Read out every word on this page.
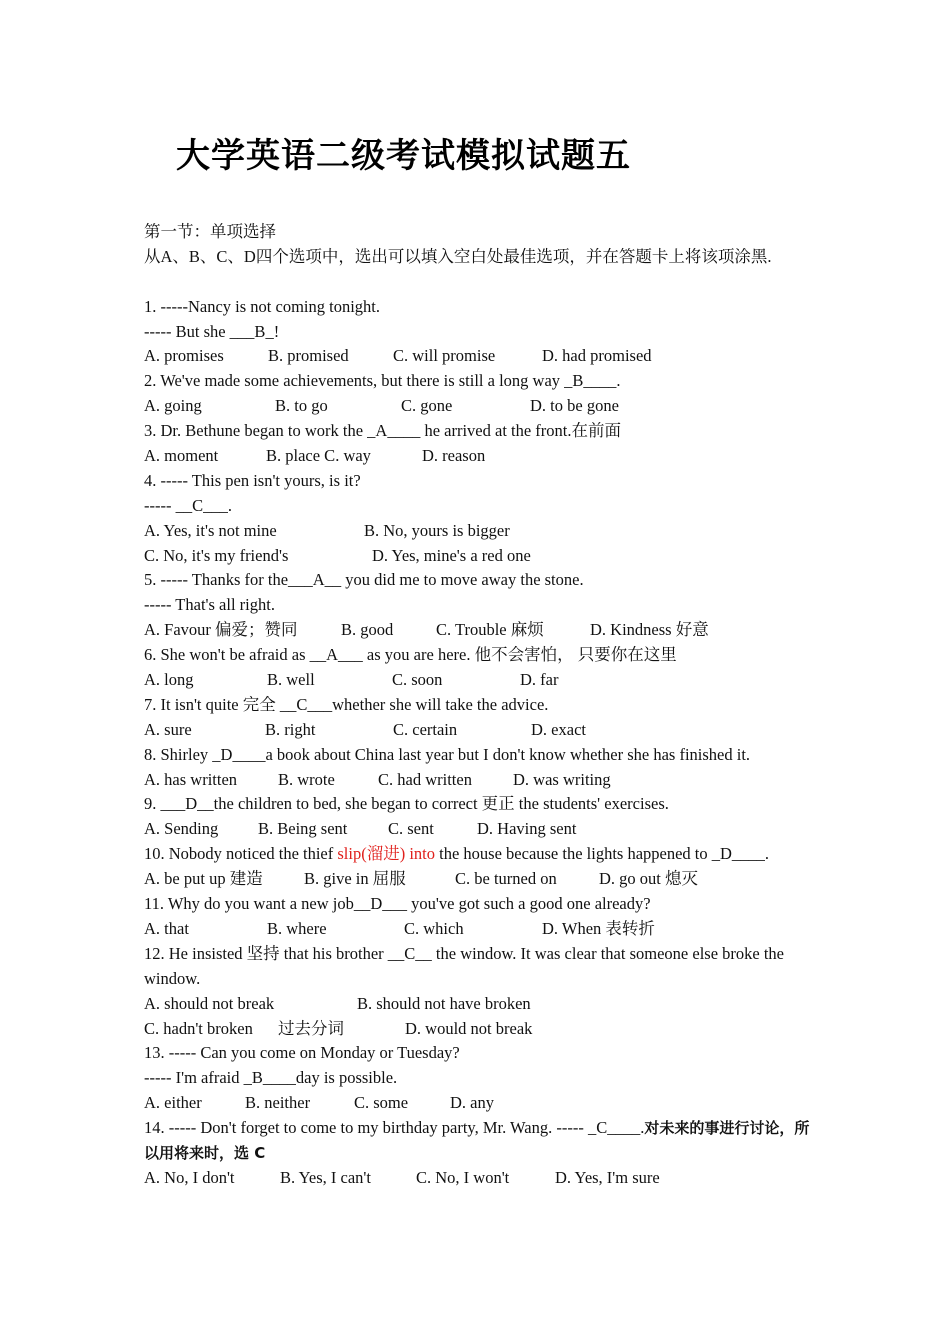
大学英语二级考试模拟试题五
第一节：单项选择
从A、B、C、D四个选项中，选出可以填入空白处最佳选项，并在答题卡上将该项涂黑.
1. -----Nancy is not coming tonight.
----- But she ___B_!
A. promises	B. promised	C. will promise	D. had promised
2. We've made some achievements, but there is still a long way _B____.
A. going	B. to go	C. gone	D. to be gone
3. Dr. Bethune began to work the _A____ he arrived at the front.在前面
A. moment	B. place C. way	D. reason
4. ----- This pen isn't yours, is it?
----- __C___.
A. Yes, it's not mine	B. No, yours is bigger
C. No, it's my friend's	D. Yes, mine's a red one
5. ----- Thanks for the___A__ you did me to move away the stone.
----- That's all right.
A. Favour 偏爱；赞同	B. good	C. Trouble 麻烦	D. Kindness 好意
6. She won't be afraid as __A___ as you are here. 他不会害怕， 只要你在这里
A. long	B. well	C. soon	D. far
7. It isn't quite 完全 __C___whether she will take the advice.
A. sure	B. right	C. certain	D. exact
8. Shirley _D____a book about China last year but I don't know whether she has finished it.
A. has written	B. wrote	C. had written	D. was writing
9. ___D__the children to bed, she began to correct 更正 the students' exercises.
A. Sending	B. Being sent	C. sent	D. Having sent
10. Nobody noticed the thief slip(溜进) into the house because the lights happened to _D____.
A. be put up 建造	B. give in 屈服	C. be turned on	D. go out 熄灭
11. Why do you want a new job__D___ you've got such a good one already?
A. that	B. where	C. which	D. When 表转折
12. He insisted 坚持 that his brother __C__ the window. It was clear that someone else broke the window.
A. should not break	B. should not have broken
C. hadn't broken	过去分词	D. would not break
13. ----- Can you come on Monday or Tuesday?
----- I'm afraid _B____day is possible.
A. either	B. neither	C. some	D. any
14. ----- Don't forget to come to my birthday party, Mr. Wang. ----- _C____.对未来的事进行讨论，所以用将来时，选 C
A. No, I don't	B. Yes, I can't	C. No, I won't	D. Yes, I'm sure
